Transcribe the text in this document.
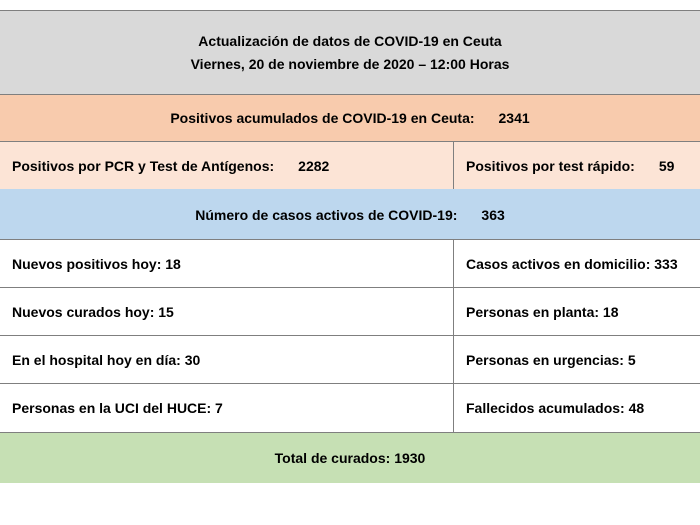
Actualización de datos de COVID-19 en Ceuta
Viernes, 20 de noviembre de 2020 – 12:00 Horas
Positivos acumulados de COVID-19 en Ceuta: 2341
Positivos por PCR y Test de Antígenos: 2282	Positivos por test rápido: 59
Número de casos activos de COVID-19: 363
Nuevos positivos hoy: 18	Casos activos en domicilio: 333
Nuevos curados hoy: 15	Personas en planta: 18
En el hospital hoy en día: 30	Personas en urgencias: 5
Personas en la UCI del HUCE: 7	Fallecidos acumulados: 48
Total de curados: 1930
